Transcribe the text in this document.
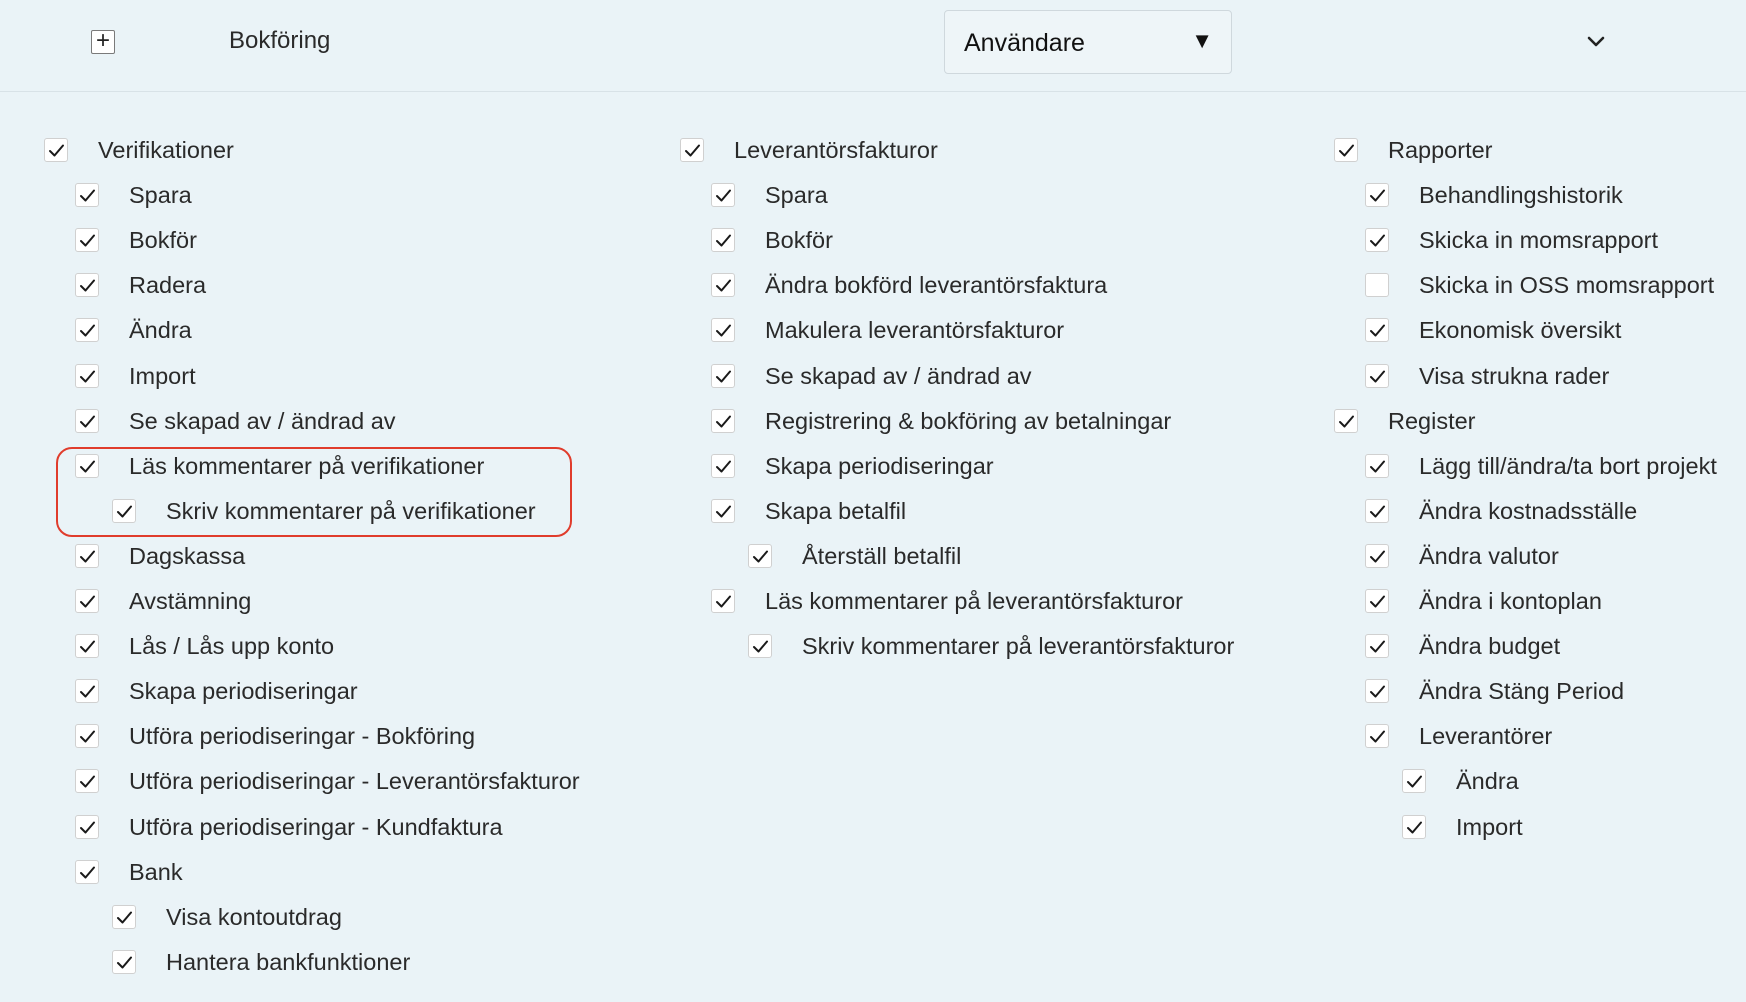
+	Bokföring	Användare	▼
Verifikationer
Spara
Bokför
Radera
Ändra
Import
Se skapad av / ändrad av
Läs kommentarer på verifikationer
Skriv kommentarer på verifikationer
Dagskassa
Avstämning
Lås / Lås upp konto
Skapa periodiseringar
Utföra periodiseringar - Bokföring
Utföra periodiseringar - Leverantörsfakturor
Utföra periodiseringar - Kundfaktura
Bank
Visa kontoutdrag
Hantera bankfunktioner
Leverantörsfakturor
Spara
Bokför
Ändra bokförd leverantörsfaktura
Makulera leverantörsfakturor
Se skapad av / ändrad av
Registrering & bokföring av betalningar
Skapa periodiseringar
Skapa betalfil
Återställ betalfil
Läs kommentarer på leverantörsfakturor
Skriv kommentarer på leverantörsfakturor
Rapporter
Behandlingshistorik
Skicka in momsrapport
Skicka in OSS momsrapport
Ekonomisk översikt
Visa strukna rader
Register
Lägg till/ändra/ta bort projekt
Ändra kostnadsställe
Ändra valutor
Ändra i kontoplan
Ändra budget
Ändra Stäng Period
Leverantörer
Ändra
Import
